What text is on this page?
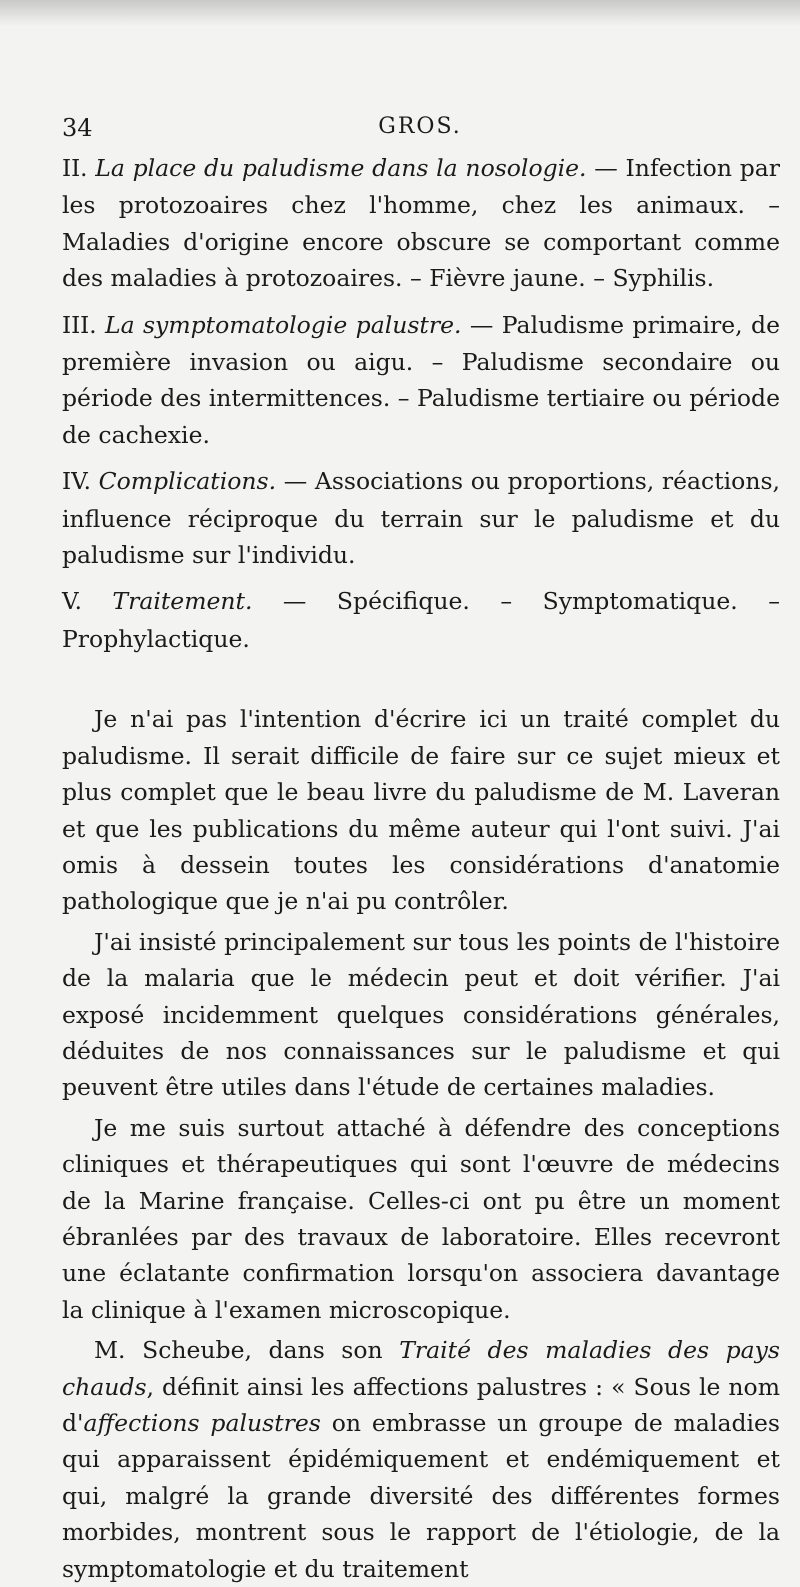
34	GROS.

II. La place du paludisme dans la nosologie. — Infection par les protozoaires chez l'homme, chez les animaux. – Maladies d'origine encore obscure se comportant comme des maladies à protozoaires. – Fièvre jaune. – Syphilis.

III. La symptomatologie palustre. — Paludisme primaire, de première invasion ou aigu. – Paludisme secondaire ou période des intermittences. – Paludisme tertiaire ou période de cachexie.

IV. Complications. — Associations ou proportions, réactions, influence réciproque du terrain sur le paludisme et du paludisme sur l'individu.

V. Traitement. — Spécifique. – Symptomatique. – Prophylactique.

Je n'ai pas l'intention d'écrire ici un traité complet du paludisme. Il serait difficile de faire sur ce sujet mieux et plus complet que le beau livre du paludisme de M. Laveran et que les publications du même auteur qui l'ont suivi. J'ai omis à dessein toutes les considérations d'anatomie pathologique que je n'ai pu contrôler.

J'ai insisté principalement sur tous les points de l'histoire de la malaria que le médecin peut et doit vérifier. J'ai exposé incidemment quelques considérations générales, déduites de nos connaissances sur le paludisme et qui peuvent être utiles dans l'étude de certaines maladies.

Je me suis surtout attaché à défendre des conceptions cliniques et thérapeutiques qui sont l'œuvre de médecins de la Marine française. Celles-ci ont pu être un moment ébranlées par des travaux de laboratoire. Elles recevront une éclatante confirmation lorsqu'on associera davantage la clinique à l'examen microscopique.

M. Scheube, dans son Traité des maladies des pays chauds, définit ainsi les affections palustres : « Sous le nom d'affections palustres on embrasse un groupe de maladies qui apparaissent épidémiquement et endémiquement et qui, malgré la grande diversité des différentes formes morbides, montrent sous le rapport de l'étiologie, de la symptomatologie et du traitement
